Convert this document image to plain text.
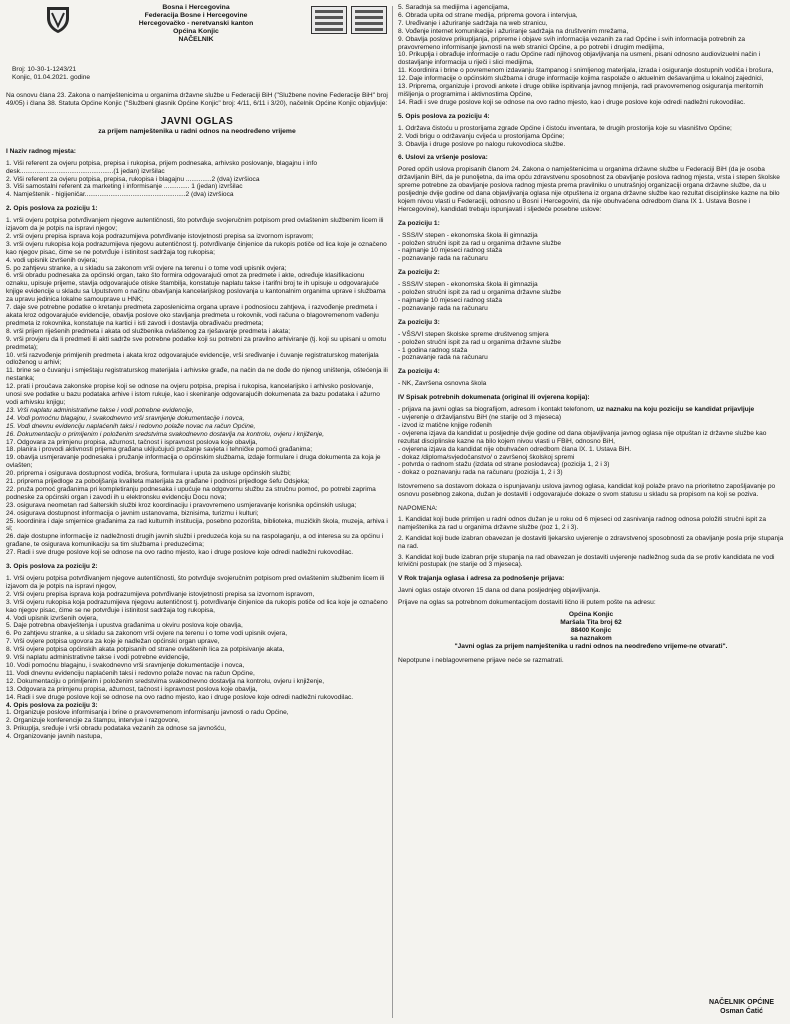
Bosna i Hercegovina
Federacija Bosne i Hercegovine
Hercegovačko - neretvanski kanton
Općina Konjic
NAČELNIK
Broj: 10-30-1-1243/21
Konjic, 01.04.2021. godine
Na osnovu člana 23. Zakona o namještenicima u organima državne službe u Federaciji BiH ("Službene novine Federacije BiH" broj 49/05) i člana 38. Statuta Općine Konjic ("Službeni glasnik Općine Konjic" broj: 4/11, 6/11 i 3/20), načelnik Općine Konjic objavljuje:
JAVNI OGLAS
za prijem namještenika u radni odnos na neodređeno vrijeme
I Naziv radnog mjesta:
1. Viši referent za ovjeru potpisa, prepisa i rukopisa, prijem podnesaka, arhivsko poslovanje, blagajnu i info desk...................................................(1 jedan) izvršilac
2. Viši referent za ovjeru potpisa, prepisa, rukopisa i blagajnu ..............2 (dva) izvršioca
3. Viši samostalni referent za marketing i informisanje .............. 1 (jedan) izvršilac
4. Namještenik - higijeničar.......................................................2 (dva) izvršioca
2. Opis poslova za poziciju 1:
1. vrši ovjeru potpisa potvrđivanjem njegove autentičnosti, što potvrđuje svojeručnim potpisom pred ovlaštenim službenim licem ili izjavom da je potpis na ispravi njegov;
2. vrši ovjeru prepisa isprava koja podrazumijeva potvrđivanje istovjetnosti prepisa sa izvornom ispravom;
3. vrši ovjeru rukopisa koja podrazumijeva njegovu autentičnost tj. potvrđivanje činjenice da rukopis potiče od lica koje je označeno kao njegov pisac, čime se ne potvrđuje i istinitost sadržaja tog rukopisa;
4. vodi upisnik izvršenih ovjera;
5. po zahtjevu stranke, a u skladu sa zakonom vrši ovjere na terenu i o tome vodi upisnik ovjera;
6. vrši obradu podnesaka za općinski organ, tako što formira odgovarajući omot za predmete i akte, određuje klasifikacionu oznaku, upisuje prijeme, stavlja odgovarajuće otiske štambilja, konstatuje naplatu takse i tarifni broj te ih upisuje u odgovarajuće knjige evidencije u skladu sa Uputstvom o načinu obavljanja kancelarijskog poslovanja u kantonalnim organima uprave i službama za upravu jedinica lokalne samouprave u HNK;
7. daje sve potrebne podatke o kretanju predmeta zaposlenicima organa uprave i podnosiocu zahtjeva, i razvođenje predmeta i akata kroz odgovarajuće evidencije, obavlja poslove oko stavljanja predmeta u rokovnik, vodi računa o blagovremenom vađenju predmeta iz rokovnika, konstatuje na kartici i isti zavodi i dostavlja obrađivaču predmeta;
8. vrši prijem riješenih predmeta i akata od službenika ovlaštenog za rješavanje predmeta i akata;
9. vrši provjeru da li predmeti ili akti sadrže sve potrebne podatke koji su potrebni za pravilno arhiviranje (tj. koji su upisani u omotu predmeta);
10. vrši razvođenje primljenih predmeta i akata kroz odgovarajuće evidencije, vrši sređivanje i čuvanje registraturskog materijala odloženog u arhivi;
11. brine se o čuvanju i smještaju registraturskog materijala i arhivske građe, na način da ne dođe do njenog uništenja, oštećenja ili nestanka;
12. prati i proučava zakonske propise koji se odnose na ovjeru potpisa, prepisa i rukopisa, kancelarijsko i arhivsko poslovanje, unosi sve podatke u bazu podataka arhive i istom rukuje, kao i skeniranje odgovarajućih dokumenata za bazu podataka i ažurno vodi arhivsku knjigu;
13. Vrši naplatu administrativne takse i vodi potrebne evidencije,
14. Vodi pomoćnu blagajnu, i svakodnevno vrši sravnjenje dokumentacije i novca,
15. Vodi dnevnu evidenciju naplaćenih taksi i redovno polaže novac na račun Općine,
16. Dokumentaciju o primljenim i položenim sredstvima svakodnevno dostavlja na kontrolu, ovjeru i knjiženje,
17. Odgovara za primjenu propisa, ažurnost, tačnost i ispravnost poslova koje obavlja,
18. planira i provodi aktivnosti prijema građana uključujući pružanje savjeta i tehničke pomoći građanima;
19. obavlja usmjeravanje podnesaka i pružanje informacija o općinskim službama, izdaje formulare i druga dokumenta za koja je ovlašten;
20. priprema i osigurava dostupnost vodiča, brošura, formulara i uputa za usluge općinskih službi;
21. priprema prijedloge za poboljšanja kvaliteta materijala za građane i podnosi prijedloge šefu Odsjeka;
22. pruža pomoć građanima pri kompletiranju podnesaka i upućuje na odgovornu službu za stručnu pomoć, po potrebi zaprima podneske za općinski organ i zavodi ih u elektronsku evidenciju Docu nova;
23. osigurava neometan rad šalterskih službi kroz koordinaciju i pravovremeno usmjeravanje korisnika općinskih usluga;
24. osigurava dostupnost informacija o javnim ustanovama, biznisima, turizmu i kulturi;
25. koordinira i daje smjernice građanima za rad kulturnih institucija, posebno pozorišta, biblioteka, muzičkih škola, muzeja, arhiva i sl;
26. daje dostupne informacije iz nadležnosti drugih javnih službi i preduzeća koja su na raspolaganju, a od interesa su za općinu i građane, te osigurava komunikaciju sa tim službama i preduzećima;
27. Radi i sve druge poslove koji se odnose na ovo radno mjesto, kao i druge poslove koje odredi nadležni rukovodilac.
3. Opis poslova za poziciju 2:
1. Vrši ovjeru potpisa potvrđivanjem njegove autentičnosti, što potvrđuje svojeručnim potpisom pred ovlaštenim službenim licem ili izjavom da je potpis na ispravi njegov,
2. Vrši ovjeru prepisa isprava koja podrazumijeva potvrđivanje istovjetnosti prepisa sa izvornom ispravom,
3. Vrši ovjeru rukopisa koja podrazumijeva njegovu autentičnost tj. potvrđivanje činjenice da rukopis potiče od lica koje je označeno kao njegov pisac, čime se ne potvrđuje i istinitost sadržaja tog rukopisa,
4. Vodi upisnik izvršenih ovjera,
5. Daje potrebna obavještenja i upustva građanima u okviru poslova koje obavlja,
6. Po zahtjevu stranke, a u skladu sa zakonom vrši ovjere na terenu i o tome vodi upisnik ovjera,
7. Vrši ovjere potpisa ugovora za koje je nadležan općinski organ uprave,
8. Vrši ovjere potpisa općinskih akata potpisanih od strane ovlaštenih lica za potpisivanje akata,
9. Vrši naplatu administrativne takse i vodi potrebne evidencije,
10. Vodi pomoćnu blagajnu, i svakodnevno vrši sravnjenje dokumentacije i novca,
11. Vodi dnevnu evidenciju naplaćenih taksi i redovno polaže novac na račun Općine,
12. Dokumentaciju o primljenim i položenim sredstvima svakodnevno dostavlja na kontrolu, ovjeru i knjiženje,
13. Odgovara za primjenu propisa, ažurnost, tačnost i ispravnost poslova koje obavlja,
14. Radi i sve druge poslove koji se odnose na ovo radno mjesto, kao i druge poslove koje odredi nadležni rukovodilac.
4. Opis poslova za poziciju 3:
1. Organizuje poslove informisanja i brine o pravovremenom informisanju javnosti o radu Općine,
2. Organizuje konferencije za štampu, intervjue i razgovore,
3. Prikuplja, sređuje i vrši obradu podataka vezanih za odnose sa javnošću,
4. Organizovanje javnih nastupa,
5. Saradnja sa medijima i agencijama,
6. Obrada upita od strane medija, priprema govora i intervjua,
7. Uređivanje i ažuriranje sadržaja na web stranicu,
8. Vođenje internet komunikacije i ažuriranje sadržaja na društvenim mrežama,
9. Obavlja poslove prikupljanja, pripreme i objave svih informacija vezanih za rad Općine i svih informacija potrebnih za pravovremeno informisanje javnosti na web stranici Općine, a po potrebi i drugim medijima,
10. Prikuplja i obrađuje informacije o radu Općine radi njihovog objavljivanja na usmeni, pisani odnosno audiovizuelni način i dostavljanje informacija u riječi i slici medijima,
11. Koordinira i brine o povremenom izdavanju štampanog i snimljenog materijala, izrada i osiguranje dostupnih vodiča i brošura,
12. Daje informacije o općinskim službama i druge informacije kojima raspolaže o aktuelnim dešavanjima u lokalnoj zajednici,
13. Priprema, organizuje i provodi ankete i druge oblike ispitivanja javnog mnijenja, radi pravovremenog osiguranja meritornih mišljenja o programima i aktivnostima Općine,
14. Radi i sve druge poslove koji se odnose na ovo radno mjesto, kao i druge poslove koje odredi nadležni rukovodilac.
5. Opis poslova za poziciju 4:
1. Održava čistoću u prostorijama zgrade Općine i čistoću inventara, te drugih prostorija koje su vlasništvo Općine;
2. Vodi brigu o održavanju cvijeća u prostorijama Općine;
3. Obavlja i druge poslove po nalogu rukovodioca službe.
6. Uslovi za vršenje poslova:
Pored općih uslova propisanih članom 24. Zakona o namještenicima u organima državne službe u Federaciji BiH (da je osoba državljanin BiH, da je punoljetna, da ima opću zdravstvenu sposobnost za obavljanje poslova radnog mjesta, vrsta i stepen školske spreme potrebne za obavljanje poslova radnog mjesta prema pravilniku o unutrašnjoj organizaciji organa državne službe, da u posljednje dvije godine od dana objavljivanja oglasa nije otpuštena iz organa državne službe kao rezultat disciplinske kazne na bilo kojem nivou vlasti u Federaciji, odnosno u Bosni i Hercegovini, da nije obuhvaćena odredbom člana IX 1. Ustava Bosne i Hercegovine), kandidati trebaju ispunjavati i sljedeće posebne uslove:
Za poziciju 1:
- SSS/IV stepen - ekonomska škola ili gimnazija
- položen stručni ispit za rad u organima državne službe
- najmanje 10 mjeseci radnog staža
- poznavanje rada na računaru
Za poziciju 2:
- SSS/IV stepen - ekonomska škola ili gimnazija
- položen stručni ispit za rad u organima državne službe
- najmanje 10 mjeseci radnog staža
- poznavanje rada na računaru
Za poziciju 3:
- VŠS/VI stepen školske spreme društvenog smjera
- položen stručni ispit za rad u organima državne službe
- 1 godina radnog staža
- poznavanje rada na računaru
Za poziciju 4:
- NK, Završena osnovna škola
IV Spisak potrebnih dokumenata (original ili ovjerena kopija):
- prijava na javni oglas sa biografijom, adresom i kontakt telefonom, uz naznaku na koju poziciju se kandidat prijavljuje
- uvjerenje o državljanstvu BiH (ne starije od 3 mjeseca)
- izvod iz matične knjige rođenih
- ovjerena izjava da kandidat u posljednje dvije godine od dana objavljivanja javnog oglasa nije otpuštan iz državne službe kao rezultat disciplinske kazne na bilo kojem nivou vlasti u FBiH, odnosno BiH,
- ovjerena izjava da kandidat nije obuhvaćen odredbom člana IX. 1. Ustava BiH.
- dokaz /diploma/svjedočanstvo/ o završenoj školskoj spremi
- potvrda o radnom stažu (izdata od strane poslodavca) (pozicija 1, 2 i 3)
- dokaz o poznavanju rada na računaru (pozicija 1, 2 i 3)
Istovremeno sa dostavom dokaza o ispunjavanju uslova javnog oglasa, kandidat koji polaže pravo na prioritetno zapošljavanje po osnovu posebnog zakona, dužan je dostaviti i odgovarajuće dokaze o svom statusu u skladu sa propisom na koji se poziva.
NAPOMENA:
1. Kandidat koji bude primljen u radni odnos dužan je u roku od 6 mjeseci od zasnivanja radnog odnosa položiti stručni ispit za namještenika za rad u organima državne službe (poz 1, 2 i 3).
2. Kandidat koji bude izabran obavezan je dostaviti ljekarsko uvjerenje o zdravstvenoj sposobnosti za obavljanje posla prije stupanja na rad.
3. Kandidat koji bude izabran prije stupanja na rad obavezan je dostaviti uvjerenje nadležnog suda da se protiv kandidata ne vodi krivični postupak (ne starije od 3 mjeseca).
V Rok trajanja oglasa i adresa za podnošenje prijava:
Javni oglas ostaje otvoren 15 dana od dana posljednjeg objavljivanja.
Prijave na oglas sa potrebnom dokumentacijom dostaviti lično ili putem pošte na adresu:
Općina Konjic
Maršala Tita broj 62
88400 Konjic
sa naznakom
"Javni oglas za prijem namještenika u radni odnos na neodređeno vrijeme-ne otvarati".
Nepotpune i neblagovremene prijave neće se razmatrati.
NAČELNIK OPĆINE
Osman Ćatić
